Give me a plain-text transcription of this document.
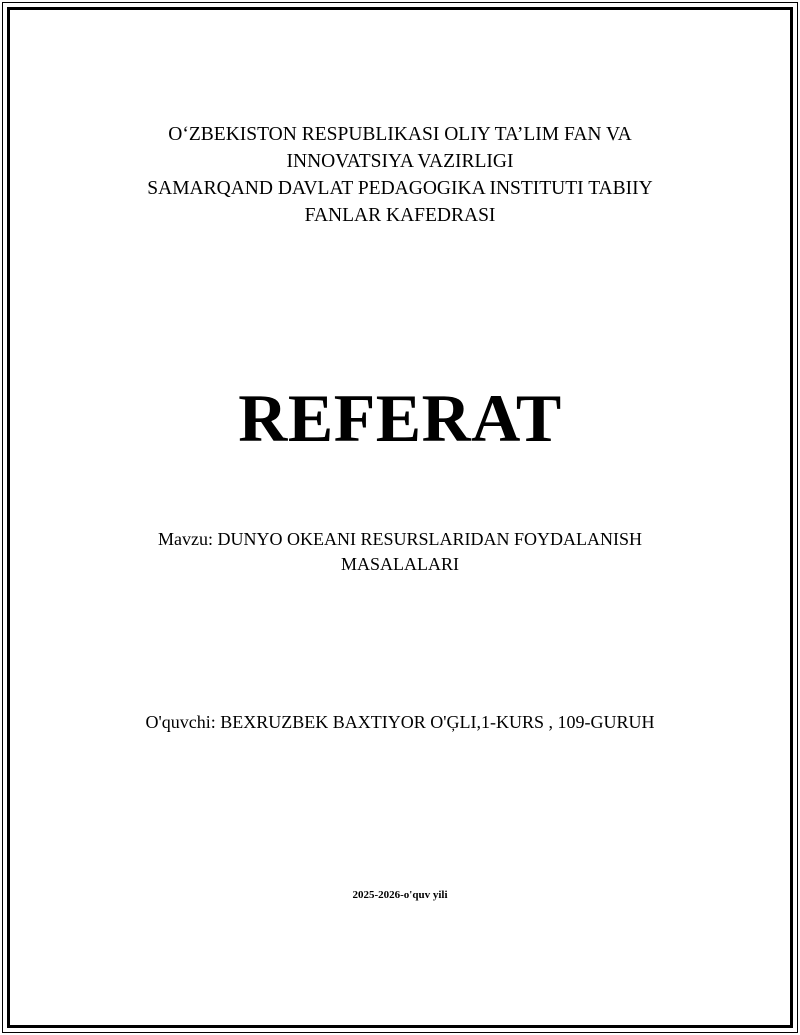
O‘ZBEKISTON RESPUBLIKASI OLIY TA’LIM FAN VA
INNOVATSIYA VAZIRLIGI
SAMARQAND DAVLAT PEDAGOGIKA INSTITUTI TABIIY
FANLAR KAFEDRASI
REFERAT
Mavzu: DUNYO OKEANI RESURSLARIDAN FOYDALANISH
MASALALARI
O'quvchi: BEXRUZBEK BAXTIYOR O'ĢLI,1-KURS , 109-GURUH
2025-2026-o'quv yili
